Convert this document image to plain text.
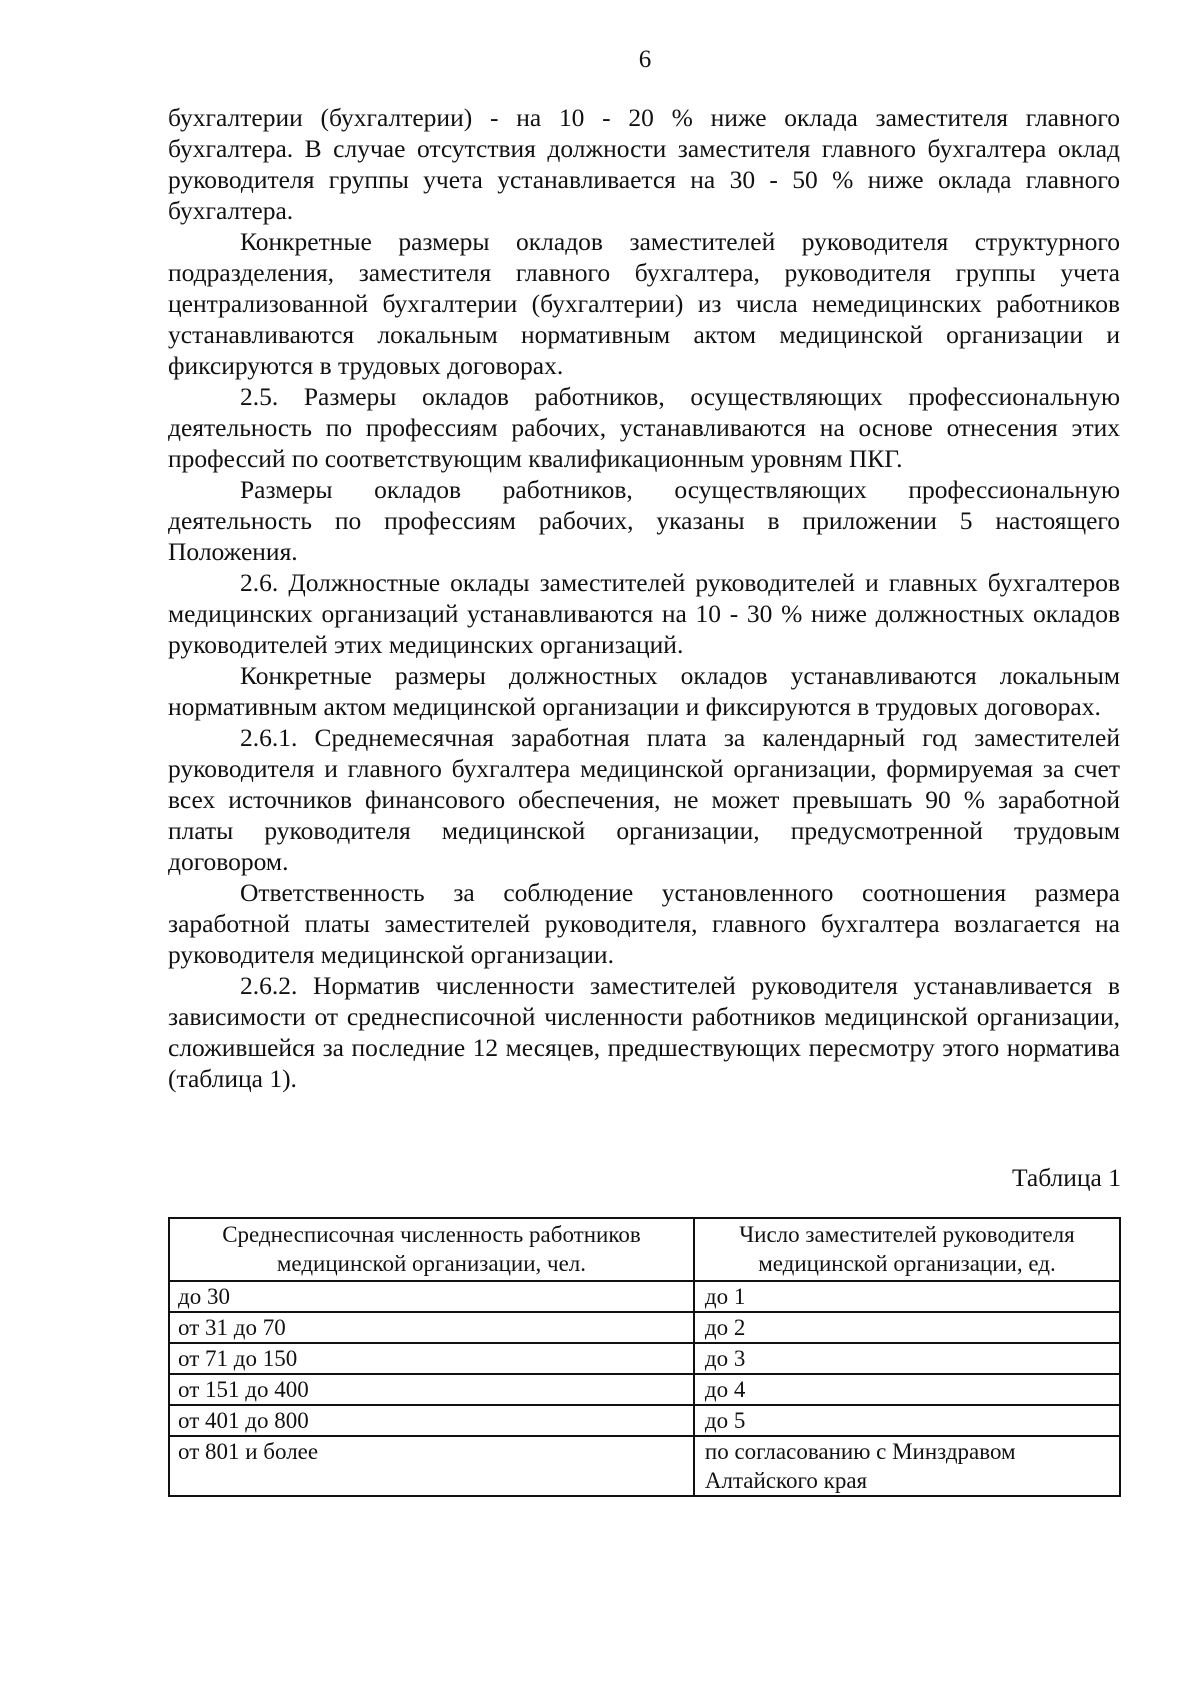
6

бухгалтерии (бухгалтерии) - на 10 - 20 % ниже оклада заместителя главного бухгалтера. В случае отсутствия должности заместителя главного бухгалтера оклад руководителя группы учета устанавливается на 30 - 50 % ниже оклада главного бухгалтера.

Конкретные размеры окладов заместителей руководителя структурного подразделения, заместителя главного бухгалтера, руководителя группы учета централизованной бухгалтерии (бухгалтерии) из числа немедицинских работников устанавливаются локальным нормативным актом медицинской организации и фиксируются в трудовых договорах.

2.5. Размеры окладов работников, осуществляющих профессиональную деятельность по профессиям рабочих, устанавливаются на основе отнесения этих профессий по соответствующим квалификационным уровням ПКГ.

Размеры окладов работников, осуществляющих профессиональную деятельность по профессиям рабочих, указаны в приложении 5 настоящего Положения.

2.6. Должностные оклады заместителей руководителей и главных бухгалтеров медицинских организаций устанавливаются на 10 - 30 % ниже должностных окладов руководителей этих медицинских организаций.

Конкретные размеры должностных окладов устанавливаются локальным нормативным актом медицинской организации и фиксируются в трудовых договорах.

2.6.1. Среднемесячная заработная плата за календарный год заместителей руководителя и главного бухгалтера медицинской организации, формируемая за счет всех источников финансового обеспечения, не может превышать 90 % заработной платы руководителя медицинской организации, предусмотренной трудовым договором.

Ответственность за соблюдение установленного соотношения размера заработной платы заместителей руководителя, главного бухгалтера возлагается на руководителя медицинской организации.

2.6.2. Норматив численности заместителей руководителя устанавливается в зависимости от среднесписочной численности работников медицинской организации, сложившейся за последние 12 месяцев, предшествующих пересмотру этого норматива (таблица 1).

Таблица 1
Среднесписочная численность работников медицинской организации, чел.	Число заместителей руководителя медицинской организации, ед.
до 30	до 1
от 31 до 70	до 2
от 71 до 150	до 3
от 151 до 400	до 4
от 401 до 800	до 5
от 801 и более	по согласованию с Минздравом Алтайского края
